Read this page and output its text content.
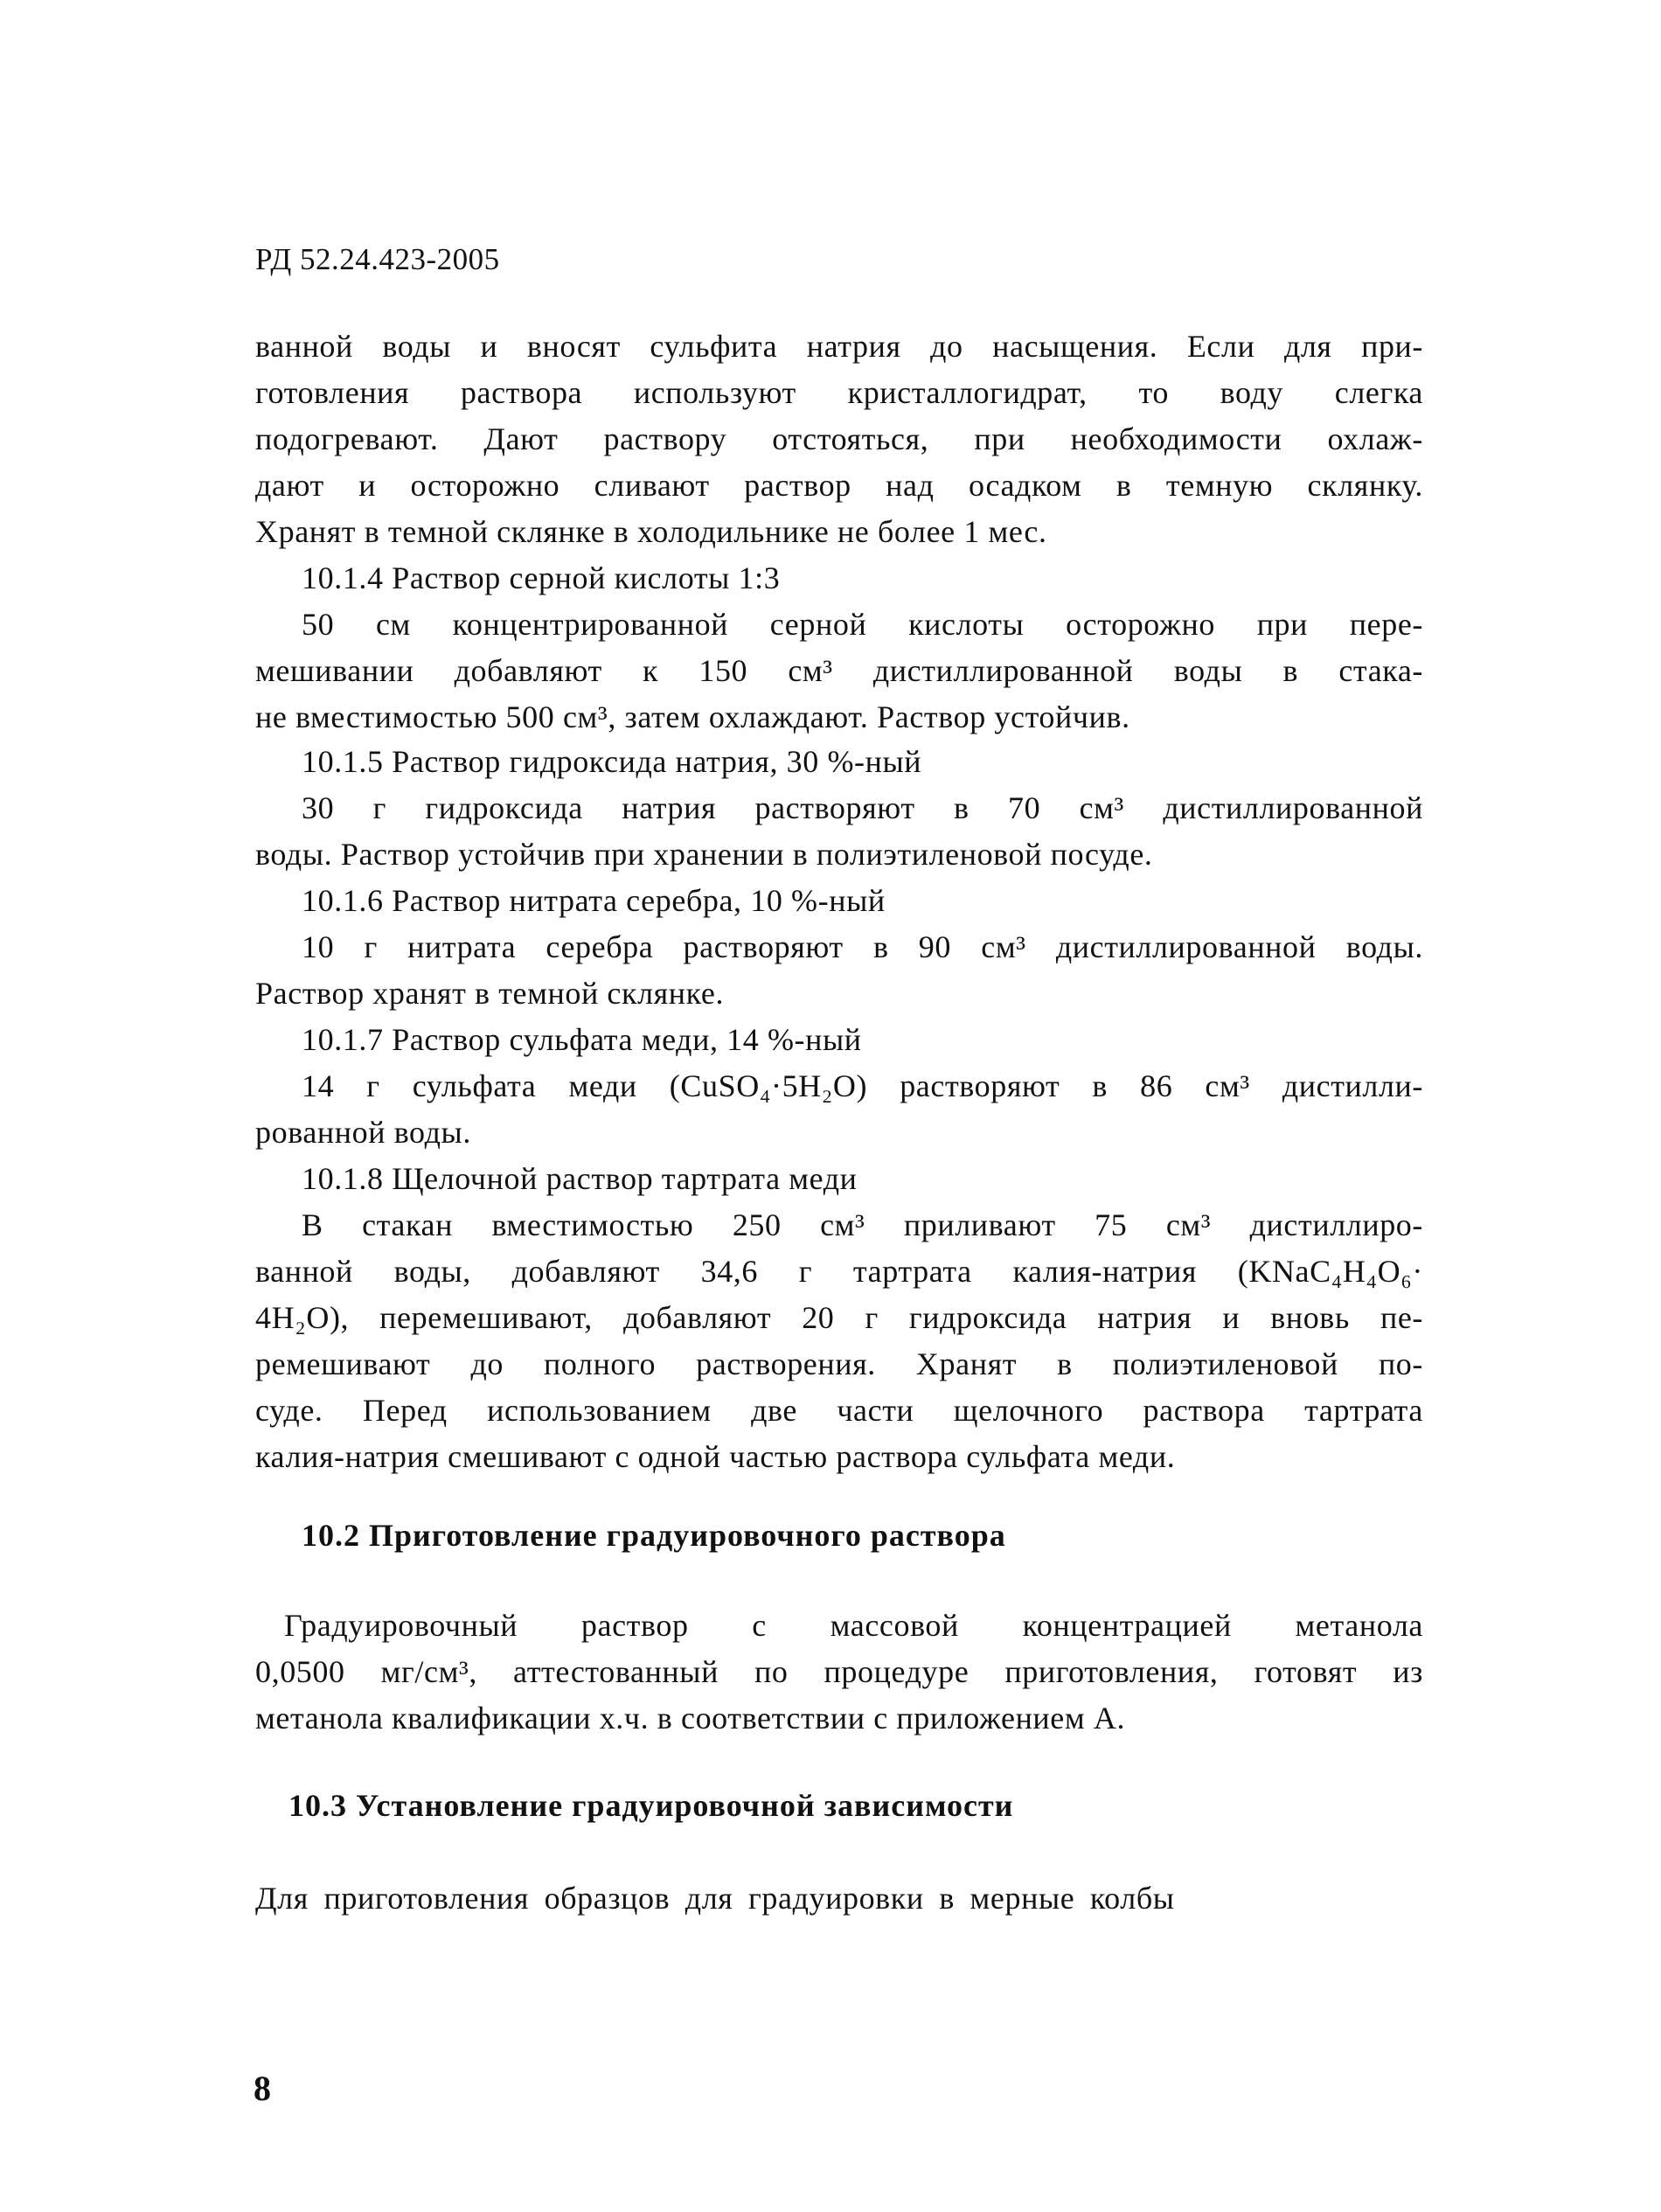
РД 52.24.423-2005
ванной воды и вносят сульфита натрия до насыщения. Если для при-
готовления раствора используют кристаллогидрат, то воду слегка
подогревают. Дают раствору отстояться, при необходимости охлаж-
дают и осторожно сливают раствор над осадком в темную склянку.
Хранят в темной склянке в холодильнике не более 1 мес.
10.1.4 Раствор серной кислоты 1:3
50 см концентрированной серной кислоты осторожно при пере-
мешивании добавляют к 150 см³ дистиллированной воды в стака-
не вместимостью 500 см³, затем охлаждают. Раствор устойчив.
10.1.5 Раствор гидроксида натрия, 30 %-ный
30 г гидроксида натрия растворяют в 70 см³ дистиллированной
воды. Раствор устойчив при хранении в полиэтиленовой посуде.
10.1.6 Раствор нитрата серебра, 10 %-ный
10 г нитрата серебра растворяют в 90 см³ дистиллированной воды.
Раствор хранят в темной склянке.
10.1.7 Раствор сульфата меди, 14 %-ный
14 г сульфата меди (CuSO₄·5H₂O) растворяют в 86 см³ дистилли-
рованной воды.
10.1.8 Щелочной раствор тартрата меди
В стакан вместимостью 250 см³ приливают 75 см³ дистиллиро-
ванной воды, добавляют 34,6 г тартрата калия-натрия (KNaC₄H₄O₆·
4H₂O), перемешивают, добавляют 20 г гидроксида натрия и вновь пе-
ремешивают до полного растворения. Хранят в полиэтиленовой по-
суде. Перед использованием две части щелочного раствора тартрата
калия-натрия смешивают с одной частью раствора сульфата меди.
10.2 Приготовление градуировочного раствора
Градуировочный раствор с массовой концентрацией метанола
0,0500 мг/см³, аттестованный по процедуре приготовления, готовят из
метанола квалификации х.ч. в соответствии с приложением А.
10.3 Установление градуировочной зависимости
Для приготовления образцов для градуировки в мерные колбы
8
